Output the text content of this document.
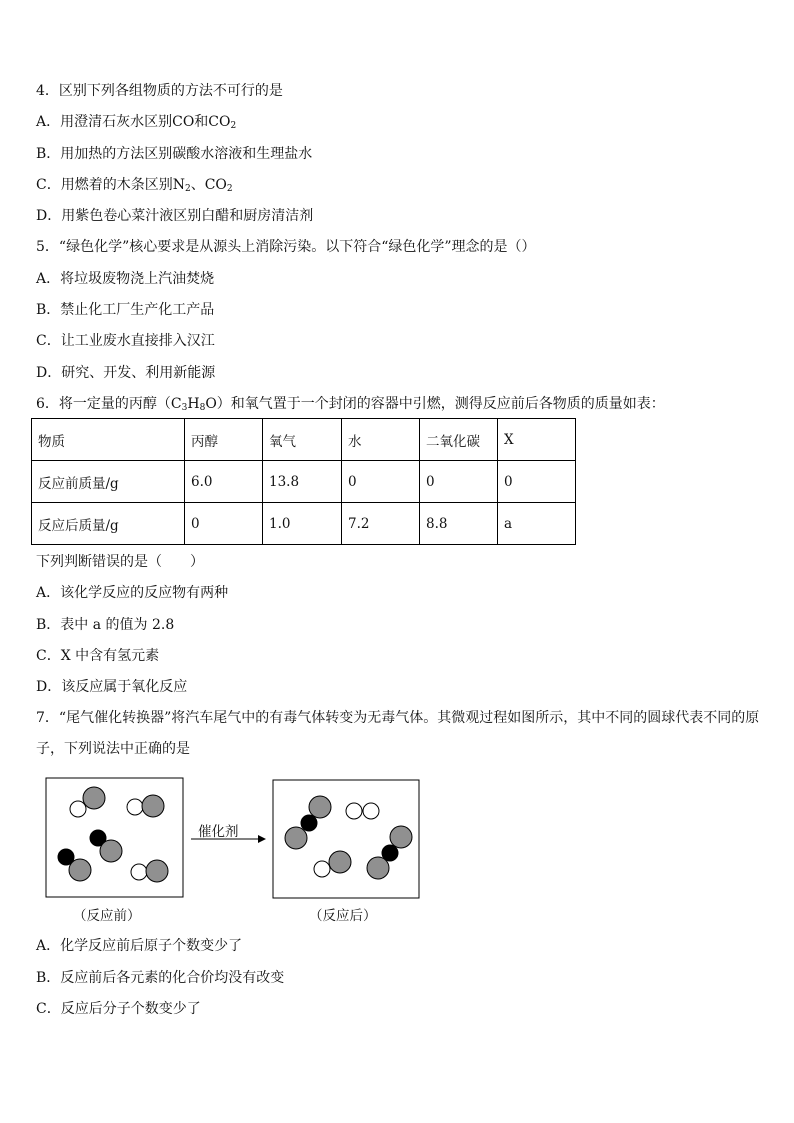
4．区别下列各组物质的方法不可行的是
A．用澄清石灰水区别CO和$CO_2$
B．用加热的方法区别碳酸水溶液和生理盐水
C．用燃着的木条区别$N_2$、$CO_2$
D．用紫色卷心菜汁液区别白醋和厨房清洁剂
5．“绿色化学”核心要求是从源头上消除污染。以下符合“绿色化学”理念的是（）
A．将垃圾废物浇上汽油焚烧
B．禁止化工厂生产化工产品
C．让工业废水直接排入汉江
D．研究、开发、利用新能源
6．将一定量的丙醇$(C_3H_8O)$和氧气置于一个封闭的容器中引燃，测得反应前后各物质的质量如表：
物质	丙醇	氧气	水	二氧化碳	X
反应前质量/g	6.0	13.8	0	0	0
反应后质量/g	0	1.0	7.2	8.8	a
下列判断错误的是（　　）
A．该化学反应的反应物有两种
B．表中 a 的值为 2.8
C．X 中含有氢元素
D．该反应属于氧化反应
7．“尾气催化转换器”将汽车尾气中的有毒气体转变为无毒气体。其微观过程如图所示，其中不同的圆球代表不同的原
子，下列说法中正确的是
催化剂
（反应前）	（反应后）
A．化学反应前后原子个数变少了
B．反应前后各元素的化合价均没有改变
C．反应后分子个数变少了
